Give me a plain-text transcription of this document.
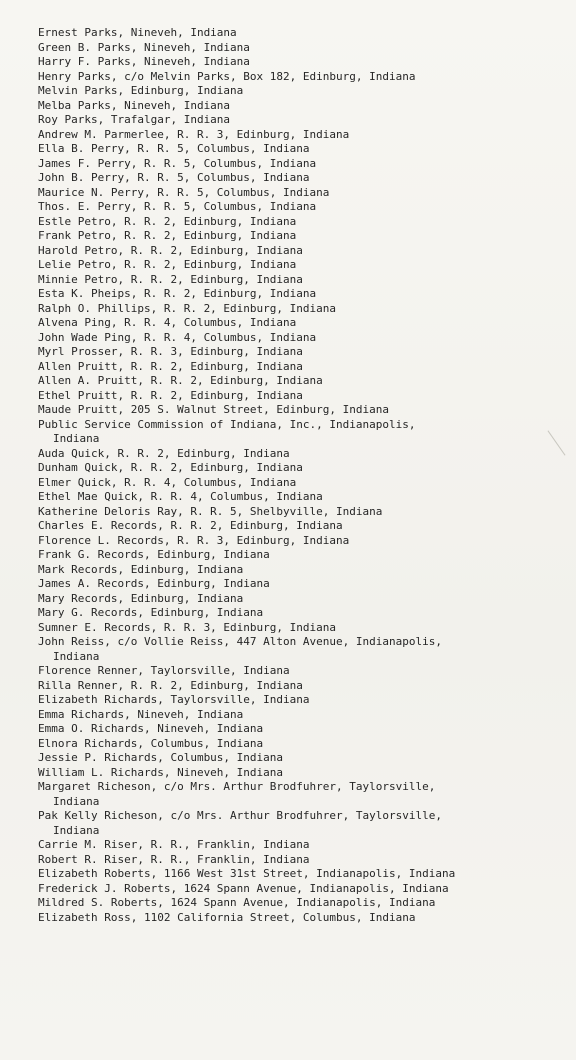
Ernest Parks, Nineveh, Indiana
Green B. Parks, Nineveh, Indiana
Harry F. Parks, Nineveh, Indiana
Henry Parks, c/o Melvin Parks, Box 182, Edinburg, Indiana
Melvin Parks, Edinburg, Indiana
Melba Parks, Nineveh, Indiana
Roy Parks, Trafalgar, Indiana
Andrew M. Parmerlee, R. R. 3, Edinburg, Indiana
Ella B. Perry, R. R. 5, Columbus, Indiana
James F. Perry, R. R. 5, Columbus, Indiana
John B. Perry, R. R. 5, Columbus, Indiana
Maurice N. Perry, R. R. 5, Columbus, Indiana
Thos. E. Perry, R. R. 5, Columbus, Indiana
Estle Petro, R. R. 2, Edinburg, Indiana
Frank Petro, R. R. 2, Edinburg, Indiana
Harold Petro, R. R. 2, Edinburg, Indiana
Lelie Petro, R. R. 2, Edinburg, Indiana
Minnie Petro, R. R. 2, Edinburg, Indiana
Esta K. Pheips, R. R. 2, Edinburg, Indiana
Ralph O. Phillips, R. R. 2, Edinburg, Indiana
Alvena Ping, R. R. 4, Columbus, Indiana
John Wade Ping, R. R. 4, Columbus, Indiana
Myrl Prosser, R. R. 3, Edinburg, Indiana
Allen Pruitt, R. R. 2, Edinburg, Indiana
Allen A. Pruitt, R. R. 2, Edinburg, Indiana
Ethel Pruitt, R. R. 2, Edinburg, Indiana
Maude Pruitt, 205 S. Walnut Street, Edinburg, Indiana
Public Service Commission of Indiana, Inc., Indianapolis,
Indiana
Auda Quick, R. R. 2, Edinburg, Indiana
Dunham Quick, R. R. 2, Edinburg, Indiana
Elmer Quick, R. R. 4, Columbus, Indiana
Ethel Mae Quick, R. R. 4, Columbus, Indiana
Katherine Deloris Ray, R. R. 5, Shelbyville, Indiana
Charles E. Records, R. R. 2, Edinburg, Indiana
Florence L. Records, R. R. 3, Edinburg, Indiana
Frank G. Records, Edinburg, Indiana
Mark Records, Edinburg, Indiana
James A. Records, Edinburg, Indiana
Mary Records, Edinburg, Indiana
Mary G. Records, Edinburg, Indiana
Sumner E. Records, R. R. 3, Edinburg, Indiana
John Reiss, c/o Vollie Reiss, 447 Alton Avenue, Indianapolis,
Indiana
Florence Renner, Taylorsville, Indiana
Rilla Renner, R. R. 2, Edinburg, Indiana
Elizabeth Richards, Taylorsville, Indiana
Emma Richards, Nineveh, Indiana
Emma O. Richards, Nineveh, Indiana
Elnora Richards, Columbus, Indiana
Jessie P. Richards, Columbus, Indiana
William L. Richards, Nineveh, Indiana
Margaret Richeson, c/o Mrs. Arthur Brodfuhrer, Taylorsville,
Indiana
Pak Kelly Richeson, c/o Mrs. Arthur Brodfuhrer, Taylorsville,
Indiana
Carrie M. Riser, R. R., Franklin, Indiana
Robert R. Riser, R. R., Franklin, Indiana
Elizabeth Roberts, 1166 West 31st Street, Indianapolis, Indiana
Frederick J. Roberts, 1624 Spann Avenue, Indianapolis, Indiana
Mildred S. Roberts, 1624 Spann Avenue, Indianapolis, Indiana
Elizabeth Ross, 1102 California Street, Columbus, Indiana
